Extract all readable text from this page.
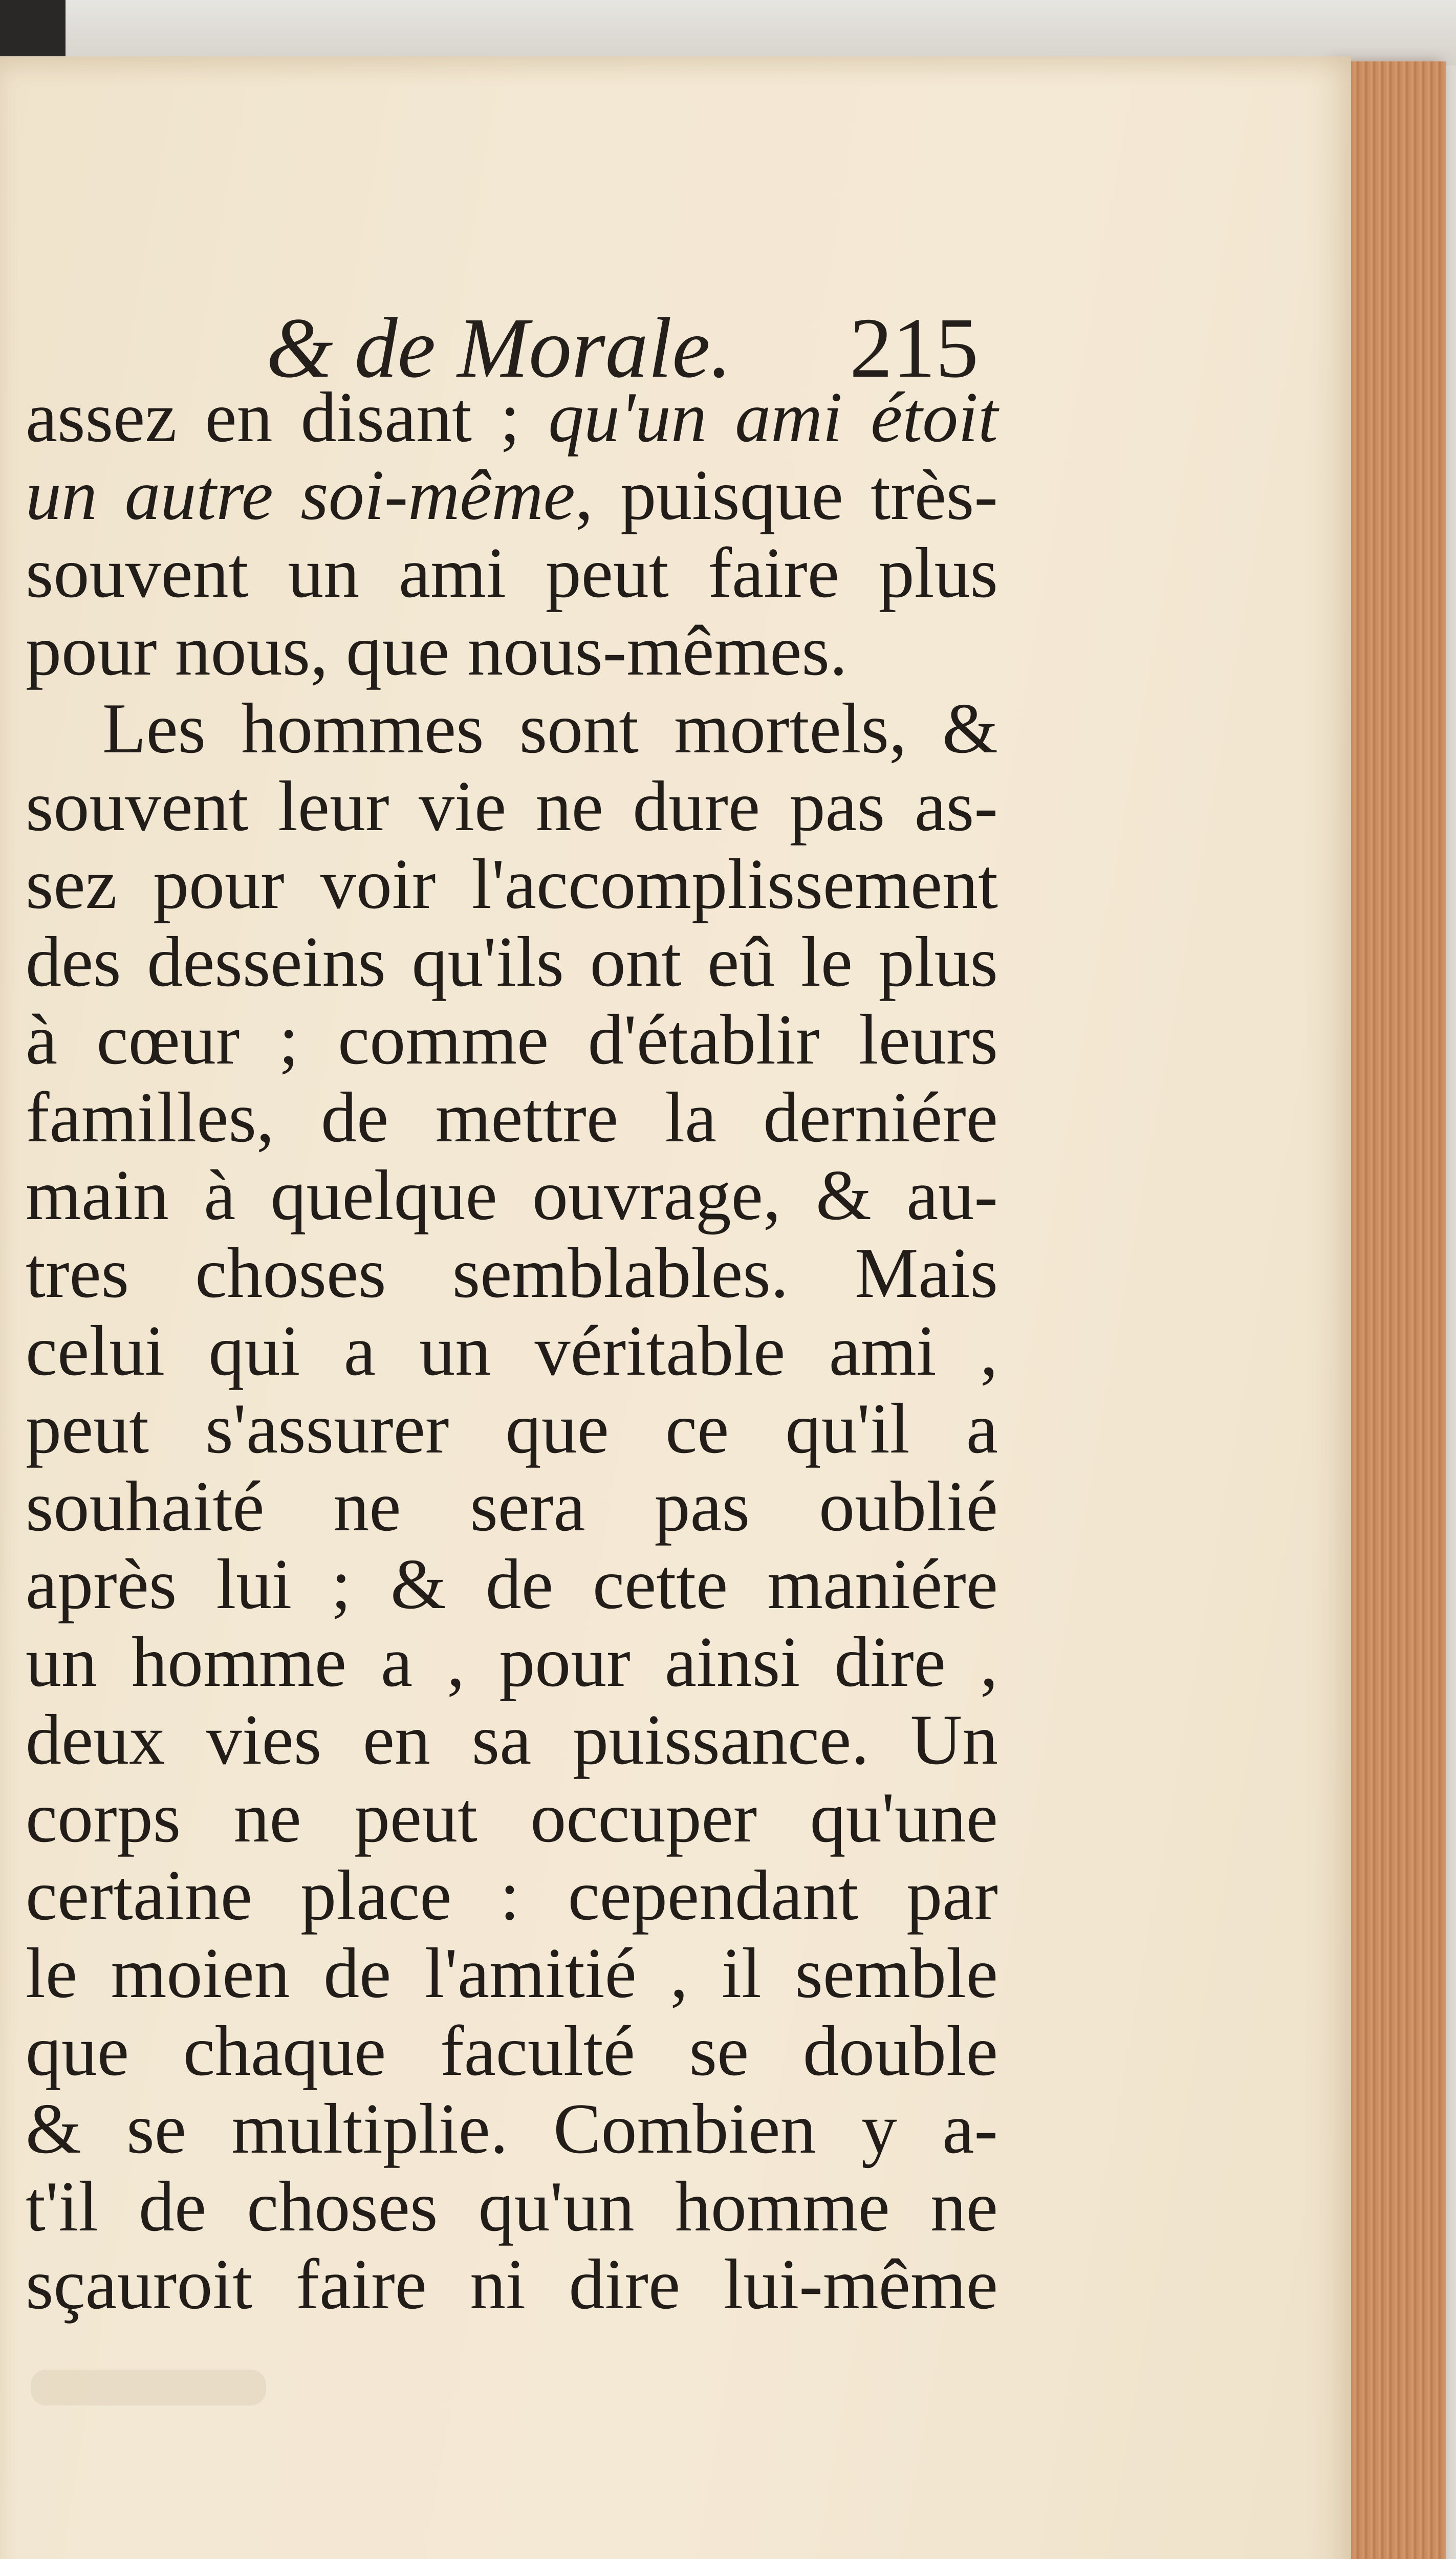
& de Morale. 215
assez en disant ; qu'un ami étoit
un autre soi-même, puisque très-
souvent un ami peut faire plus
pour nous, que nous-mêmes.
Les hommes sont mortels, &
souvent leur vie ne dure pas as-
sez pour voir l'accomplissement
des desseins qu'ils ont eû le plus
à cœur ; comme d'établir leurs
familles, de mettre la derniére
main à quelque ouvrage, & au-
tres choses semblables. Mais
celui qui a un véritable ami ,
peut s'assurer que ce qu'il a
souhaité ne sera pas oublié
après lui ; & de cette maniére
un homme a , pour ainsi dire ,
deux vies en sa puissance. Un
corps ne peut occuper qu'une
certaine place : cependant par
le moien de l'amitié , il semble
que chaque faculté se double
& se multiplie. Combien y a-
t'il de choses qu'un homme ne
sçauroit faire ni dire lui-même
